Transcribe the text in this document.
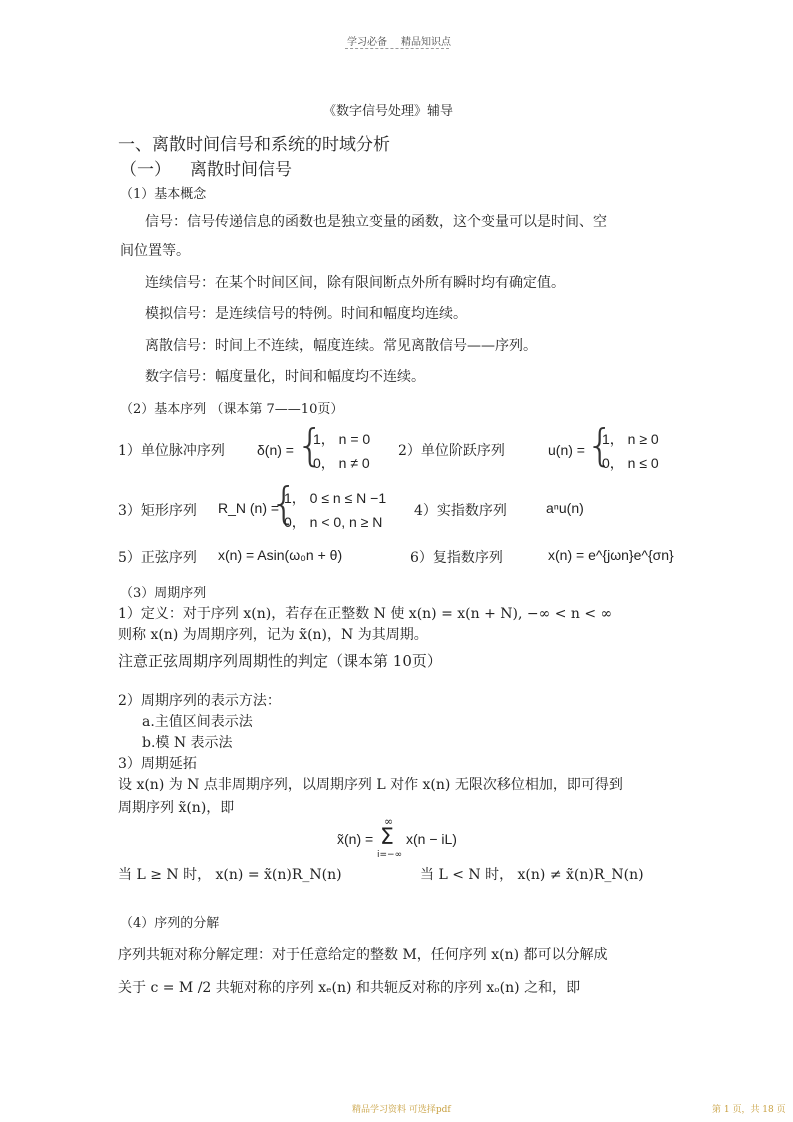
学习必备 精品知识点
《数字信号处理》辅导
一、离散时间信号和系统的时域分析
（一） 离散时间信号
（1）基本概念
信号：信号传递信息的函数也是独立变量的函数，这个变量可以是时间、空
间位置等。
连续信号：在某个时间区间，除有限间断点外所有瞬时均有确定值。
模拟信号：是连续信号的特例。时间和幅度均连续。
离散信号：时间上不连续，幅度连续。常见离散信号——序列。
数字信号：幅度量化，时间和幅度均不连续。
（2）基本序列 （课本第 7——10页）
1）单位脉冲序列 δ(n) = {
1， n = 0
0， n ≠ 0
2）单位阶跃序列	u(n) = {
1， n ≥ 0
0， n ≤ 0
3）矩形序列 R_N (n) =
{
1， 0 ≤ n ≤ N −1
0， n < 0, n ≥ N
4）实指数序列	aⁿu(n)
5）正弦序列 x(n) = Asin(ω₀n + θ)	6）复指数序列	x(n) = e^{jωn}e^{σn}
（3）周期序列
1）定义：对于序列 x(n)，若存在正整数 N 使 x(n) = x(n + N), −∞ < n < ∞
则称 x(n) 为周期序列，记为 x̃(n)，N 为其周期。
注意正弦周期序列周期性的判定（课本第 10页）
2）周期序列的表示方法：
a.主值区间表示法
b.模 N 表示法
3）周期延拓
设 x(n) 为 N 点非周期序列，以周期序列 L 对作 x(n) 无限次移位相加，即可得到
周期序列 x̃(n)，即
x̃(n) =
∞
Σ
i=−∞
x(n − iL)
当 L ≥ N 时， x(n) = x̃(n)R_N(n)	当 L < N 时， x(n) ≠ x̃(n)R_N(n)
（4）序列的分解
序列共轭对称分解定理：对于任意给定的整数 M，任何序列 x(n) 都可以分解成
关于 c = M /2 共轭对称的序列 xₑ(n) 和共轭反对称的序列 xₒ(n) 之和，即
精品学习资料 可选择pdf	第 1 页，共 18 页
